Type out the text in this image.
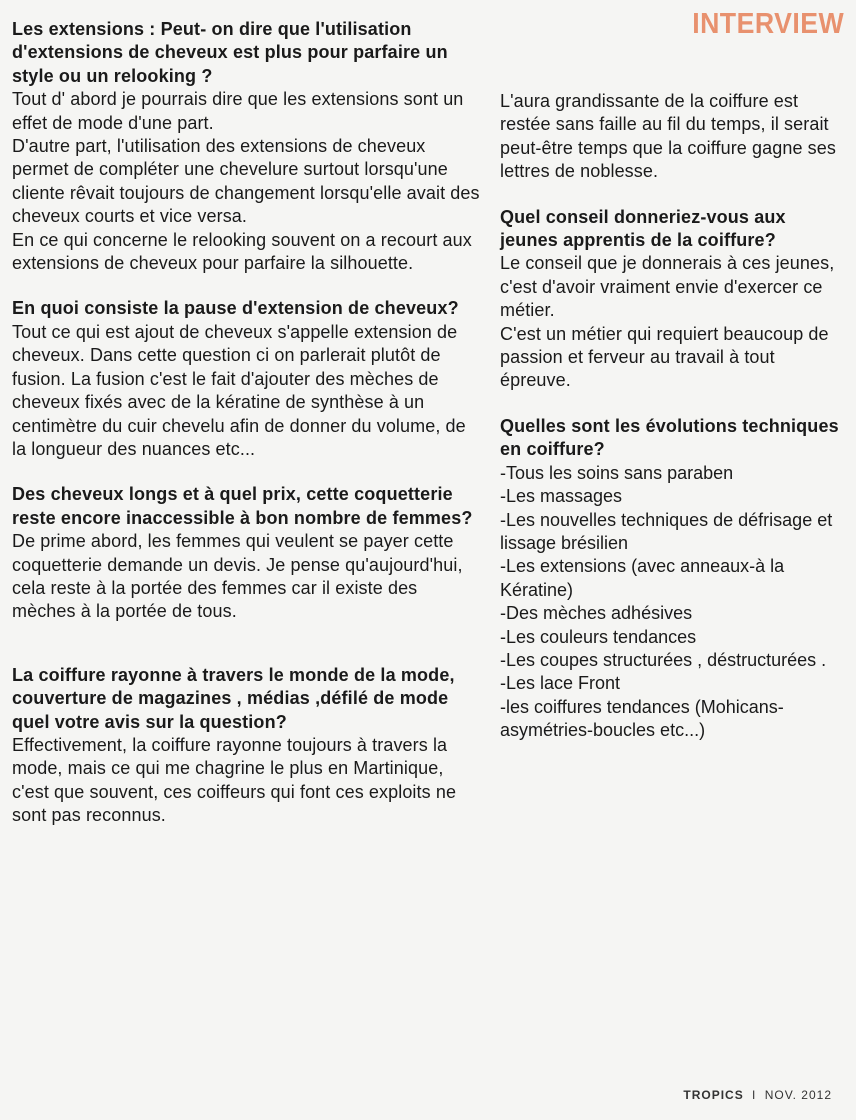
INTERVIEW

Les extensions : Peut- on dire que l'utilisation d'extensions de cheveux est plus pour parfaire un style ou un relooking ?

Tout d' abord je pourrais dire que les extensions sont un effet de mode d'une part.

D'autre part, l'utilisation des extensions de cheveux permet de compléter une chevelure surtout lorsqu'une cliente rêvait toujours de changement lorsqu'elle avait des cheveux courts et vice versa.

En ce qui concerne le relooking souvent on a recourt aux extensions de cheveux pour parfaire la silhouette.

En quoi consiste la pause d'extension de cheveux?

Tout ce qui est ajout de cheveux s'appelle extension de cheveux. Dans cette question ci on parlerait plutôt de fusion. La fusion c'est le fait d'ajouter des mèches de cheveux fixés avec de la kératine de synthèse à un centimètre du cuir chevelu afin de donner du volume, de la longueur des nuances etc...

Des cheveux longs et à quel prix, cette coquetterie reste encore inaccessible à bon nombre de femmes?

De prime abord, les femmes qui veulent se payer cette coquetterie demande un devis. Je pense qu'aujourd'hui, cela reste à la portée des femmes car il existe des mèches à la portée de tous.

La coiffure rayonne à travers le monde de la mode, couverture de magazines , médias ,défilé de mode quel votre avis sur la question?

Effectivement, la coiffure rayonne toujours à travers la mode, mais ce qui me chagrine le plus en Martinique, c'est que souvent, ces coiffeurs qui font ces exploits ne sont pas reconnus.

L'aura grandissante de la coiffure est restée sans faille au fil du temps, il serait peut-être temps que la coiffure gagne ses lettres de noblesse.

Quel conseil donneriez-vous aux jeunes apprentis de la coiffure?

Le conseil que je donnerais à ces jeunes, c'est d'avoir vraiment envie d'exercer ce métier.

C'est un métier qui requiert beaucoup de passion et ferveur au travail à tout épreuve.

Quelles sont les évolutions techniques en coiffure?

-Tous les soins sans paraben
-Les massages
-Les nouvelles techniques de défrisage et lissage brésilien
-Les extensions (avec anneaux-à la Kératine)
-Des mèches adhésives
-Les couleurs tendances
-Les coupes structurées , déstructurées .
-Les lace Front
-les coiffures tendances (Mohicans-asymétries-boucles etc...)
TROPICS I NOV. 2012
